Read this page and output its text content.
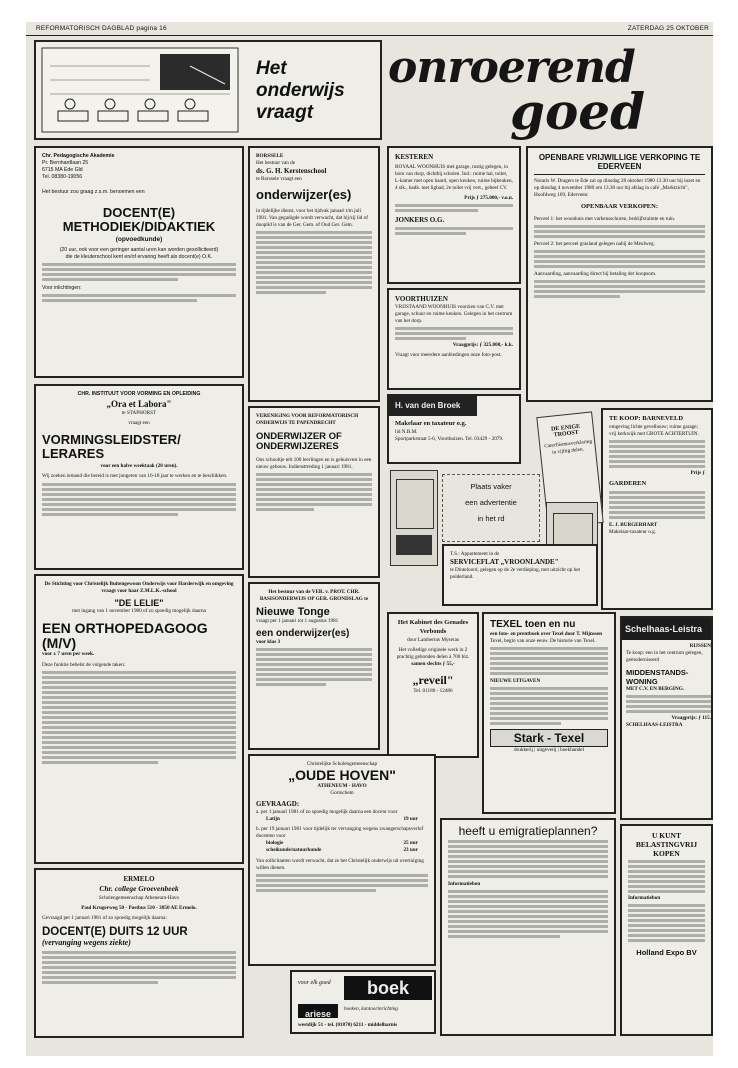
REFORMATORISCH DAGBLAD pagina 16	ZATERDAG 25 OKTOBER
Het
onderwijs
vraagt
onroerend
goed
Chr. Pedagogische Akademie
Pr. Bernhardlaan 25
6715 MA Ede Gld
Tel. 08380-19056
Het bestuur zou graag z.s.m. benoemen een
DOCENT(E) METHODIEK/DIDAKTIEK
(opvoedkunde)
(20 uur, ook voor een geringer aantal uren kan worden gesolliciteerd)
die de kleuterschool kent en/of ervaring heeft als docent(e) O.K.
Voor inlichtingen:
BORSSELE
Het bestuur van de
ds. G. H. Kerstenschool
te Borssele vraagt een
onderwijzer(es)
in tijdelijke dienst, voor het tijdvak januari t/m juli 1981. Van gegadigde wordt verwacht, dat hij/zij lid of dooplid is van de Ger. Gem. of Oud Ger. Gem.
KESTEREN
ROYAAL WOONHUIS met garage, rustig gelegen, in bom van dorp, dichtbij scholen. Ind.: ruime hal, toilet, L-kamer met open haard, open keuken, ruime bijkeuken, 4 slk., badk. met ligbad, 2e toilet vrij vert., geheel CV.
Prijs ƒ 275.000,- v.o.n.
JONKERS O.G.
OPENBARE VRIJWILLIGE VERKOPING TE EDERVEEN
Notaris W. Dragers te Ede zal op dinsdag 28 oktober 1980 13.30 uur bij inzet en op dinsdag 4 november 1980 om 13.30 uur bij afslag in café „Marktzicht", Hoofdweg 169, Ederveen:
OPENBAAR VERKOPEN:
Perceel 1: het woonhuis met varkensschuren, bedrijfsruimte en tuin.
Perceel 2: het perceel grasland gelegen nabij de Meulweg.
Aanvaarding, aanvaarding direct bij betaling der koopsom.
VOORTHUIZEN
VRIJSTAAND WOONHUIS voorzien van C.V. met garage, schuur en ruime keuken. Gelegen in het centrum van het dorp.
Vraagprijs: ƒ 325.000,- k.k.
Vraagt voor meerdere aanbiedingen onze foto-post.
H. van den Broek
Makelaar en taxateur o.g.
lid N.B.M.
Sportparkstraat 5-6, Voorthuizen. Tel. 03429 - 2079.
CHR. INSTITUUT VOOR VORMING EN OPLEIDING
„Ora et Labora"
te STAPHORST
vraagt een
VORMINGSLEIDSTER/ LERARES
voor een halve weektaak (20 uren).
Wij zoeken iemand die bereid is met jongeren van 16-18 jaar te werken en te beschikken.
VERENIGING VOOR REFORMATORISCH ONDERWIJS TE PAPENDRECHT
ONDERWIJZER OF ONDERWIJZERES
Ons schooltje telt 100 leerlingen en is gehuisvest in een nieuw gebouw. Indiensttreding 1 januari 1981.
TE KOOP: BARNEVELD
omgeving lichte gevelbouw; ruime garage; vrij kerkwijk met GROTE ACHTERTUIN.
Prijs ƒ
GARDEREN
E. J. BURGERHART
Makelaar-taxateur o.g.
DE ENIGE TROOST
Catechismusverklaring in vijftig delen.
Plaats vaker
een advertentie
in het rd
T.S.: Appartement in de
SERVICEFLAT „VROONLANDE"
te Dinteloord, gelegen op de 2e verdieping, met uitzicht op het polderland.
De Stichting voor Christelijk Buitengewoon Onderwijs voor Harderwijk en omgeving vraagt voor haar Z.M.L.K.-school
"DE LELIE"
met ingang van 1 november 1980 of zo spoedig mogelijk daarna
EEN ORTHOPEDAGOOG (M/V)
voor ± 7 uren per week.
Deze funktie behelst de volgende taken:
Het bestuur van de VER. v. PROT. CHR. BASISONDERWIJS OP GER. GRONDSLAG te
Nieuwe Tonge
vraagt per 1 januari tot 1 augustus 1981
een onderwijzer(es)
voor klas 3
Het Kabinet des Genades Verbonds
door Lambertus Myseras
Het volledige originele werk in 2 prachtig gebonden delen à 700 blz.
samen slechts ƒ 55,-
„reveil"
Tel. 01180 - 12486
TEXEL toen en nu
een foto- en prentboek over Texel door T. Mijnssen
Texel, begin van onze eeuw. De historie van Texel.
NIEUWE UITGAVEN
Stark - Texel
drukkerij | uitgeverij | boekhandel
Schelhaas-Leistra
RIJSSEN
Te koop: een in het centrum gelegen, gemoderniseerd
MIDDENSTANDS-WONING
MET C.V. EN BERGING.
Vraagprijs: ƒ 115.
SCHELHAAS-LEISTRA
Christelijke Scholengemeenschap
„OUDE HOVEN"
ATHENEUM - HAVO
Gorinchem
GEVRAAGD:
a. per 1 januari 1981 of zo spoedig mogelijk daarna een docent voor
Latijn	19 uur
b. per 19 januari 1981 voor tijdelijk ter vervanging wegens zwangerschapsverlof docenten voor
biologie	25 uur
scheikunde/natuurkunde	23 uur
Van sollicitanten wordt verwacht, dat ze het Christelijk onderwijs uit overtuiging willen dienen.
heeft u emigratieplannen?
Informatiebon
U KUNT BELASTINGVRIJ KOPEN
Informatiebon
Holland Expo BV
ERMELO
Chr. college Groevenbeek
Scholengemeenschap Atheneum-Havo
Paul Krugerweg 50 - Postbus 510 - 3850 AE Ermelo.
Gevraagd per 1 januari 1981 of zo spoedig mogelijk daarna:
DOCENT(E) DUITS 12 UUR
(vervanging wegens ziekte)
voor elk goed	boek
ariese	boeken, kantoorinrichting
westdijk 51 - tel. (01870) 6211 - middelharnis
